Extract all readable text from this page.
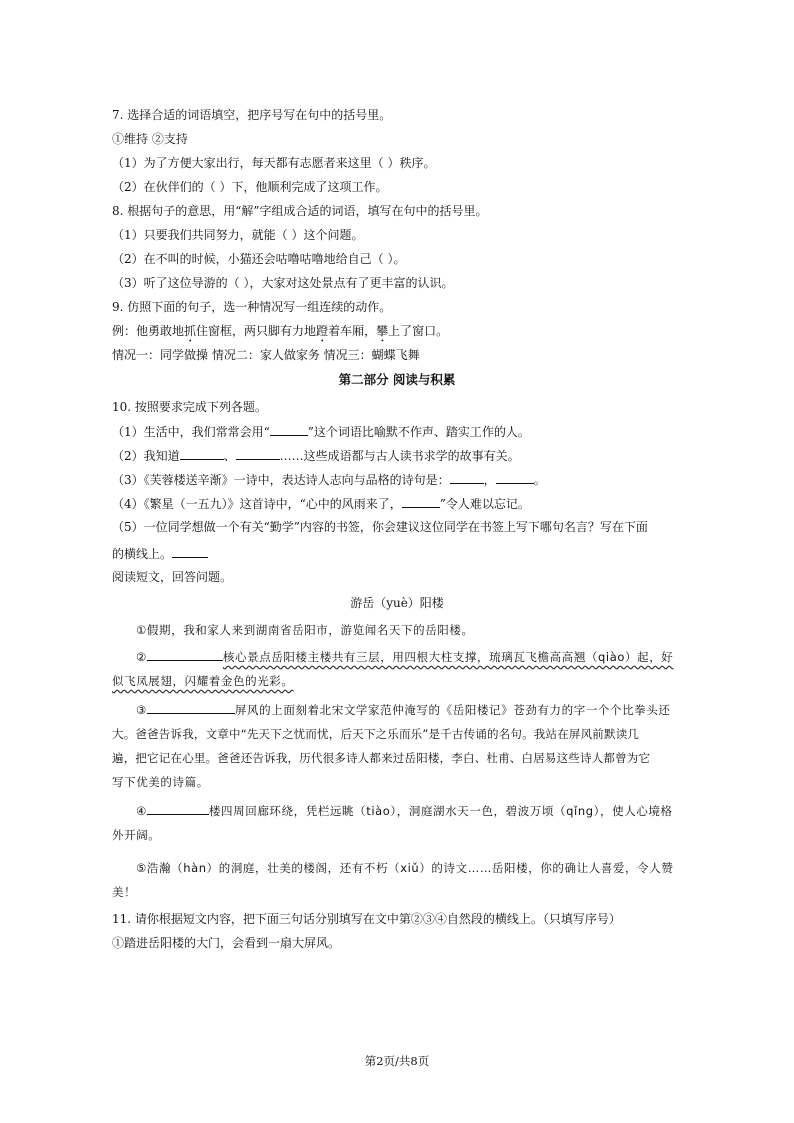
7. 选择合适的词语填空，把序号写在句中的括号里。
①维持 ②支持
（1）为了方便大家出行，每天都有志愿者来这里（ ）秩序。
（2）在伙伴们的（ ）下，他顺利完成了这项工作。
8. 根据句子的意思，用“解”字组成合适的词语，填写在句中的括号里。
（1）只要我们共同努力，就能（ ）这个问题。
（2）在不叫的时候，小猫还会咕噜咕噜地给自己（ ）。
（3）听了这位导游的（ ），大家对这处景点有了更丰富的认识。
9. 仿照下面的句子，选一种情况写一组连续的动作。
例：他勇敢地抓住窗框，两只脚有力地蹬着车厢，攀上了窗口。
情况一：同学做操 情况二：家人做家务 情况三：蝴蝶飞舞
第二部分 阅读与积累
10. 按照要求完成下列各题。
（1）生活中，我们常常会用“	”这个词语比喻默不作声、踏实工作的人。
（2）我知道	、	……这些成语都与古人读书求学的故事有关。
（3）《芙蓉楼送辛渐》一诗中，表达诗人志向与品格的诗句是：	，	。
（4）《繁星（一五九）》这首诗中，“心中的风雨来了，	”令人难以忘记。
（5）一位同学想做一个有关“勤学”内容的书签，你会建议这位同学在书签上写下哪句名言？写在下面
的横线上。
阅读短文，回答问题。
游岳（yuè）阳楼
①假期，我和家人来到湖南省岳阳市，游览闻名天下的岳阳楼。
②	核心景点岳阳楼主楼共有三层，用四根大柱支撑，琉璃瓦飞檐高高翘（qiào）起，好
似飞凤展翅，闪耀着金色的光彩。
③	屏风的上面刻着北宋文学家范仲淹写的《岳阳楼记》苍劲有力的字一个个比拳头还
大。爸爸告诉我，文章中“先天下之忧而忧，后天下之乐而乐”是千古传诵的名句。我站在屏风前默读几
遍，把它记在心里。爸爸还告诉我，历代很多诗人都来过岳阳楼，李白、杜甫、白居易这些诗人都曾为它
写下优美的诗篇。
④	楼四周回廊环绕，凭栏远眺（tiào），洞庭湖水天一色，碧波万顷（qǐng），使人心境格
外开阔。
⑤浩瀚（hàn）的洞庭，壮美的楼阁，还有不朽（xiǔ）的诗文……岳阳楼，你的确让人喜爱，令人赞
美！
11. 请你根据短文内容，把下面三句话分别填写在文中第②③④自然段的横线上。（只填写序号）
①踏进岳阳楼的大门，会看到一扇大屏风。
第2页/共8页
